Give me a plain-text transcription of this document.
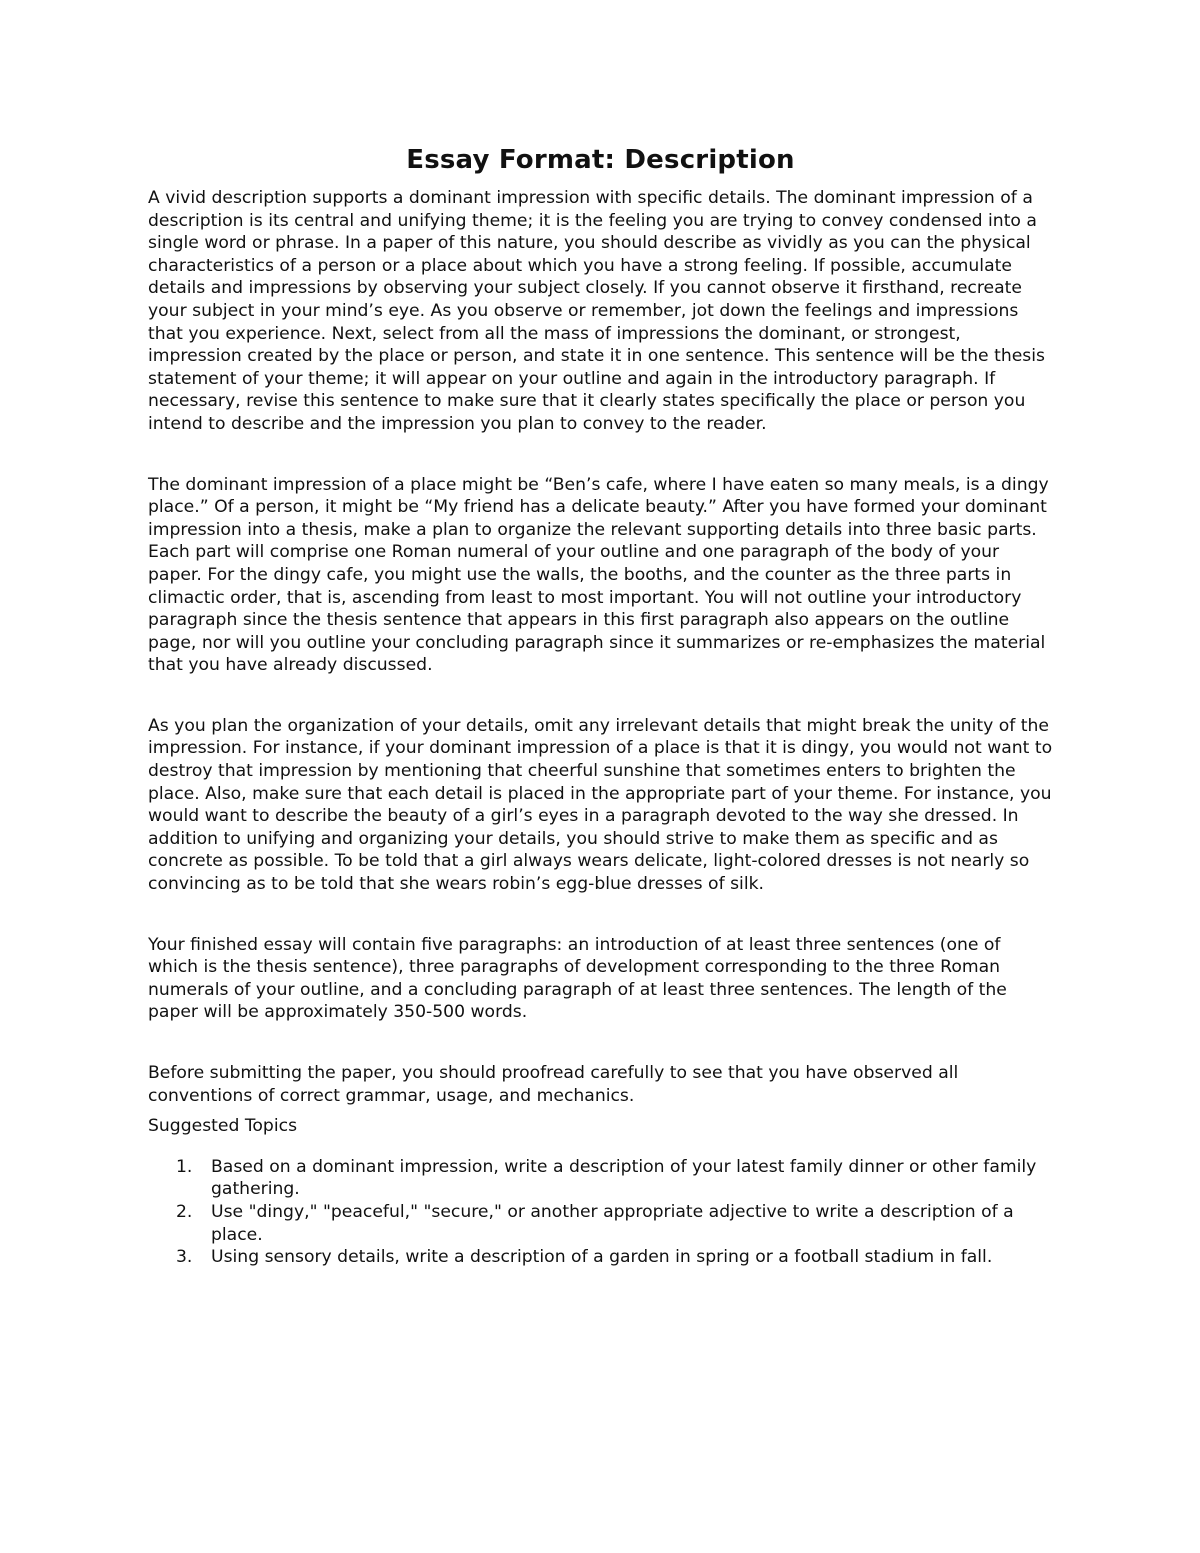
Essay Format: Description

A vivid description supports a dominant impression with specific details. The dominant impression of a description is its central and unifying theme; it is the feeling you are trying to convey condensed into a single word or phrase. In a paper of this nature, you should describe as vividly as you can the physical characteristics of a person or a place about which you have a strong feeling. If possible, accumulate details and impressions by observing your subject closely. If you cannot observe it firsthand, recreate your subject in your mind’s eye. As you observe or remember, jot down the feelings and impressions that you experience. Next, select from all the mass of impressions the dominant, or strongest, impression created by the place or person, and state it in one sentence. This sentence will be the thesis statement of your theme; it will appear on your outline and again in the introductory paragraph. If necessary, revise this sentence to make sure that it clearly states specifically the place or person you intend to describe and the impression you plan to convey to the reader.

The dominant impression of a place might be “Ben’s cafe, where I have eaten so many meals, is a dingy place.” Of a person, it might be “My friend has a delicate beauty.” After you have formed your dominant impression into a thesis, make a plan to organize the relevant supporting details into three basic parts. Each part will comprise one Roman numeral of your outline and one paragraph of the body of your paper. For the dingy cafe, you might use the walls, the booths, and the counter as the three parts in climactic order, that is, ascending from least to most important. You will not outline your introductory paragraph since the thesis sentence that appears in this first paragraph also appears on the outline page, nor will you outline your concluding paragraph since it summarizes or re-emphasizes the material that you have already discussed.

As you plan the organization of your details, omit any irrelevant details that might break the unity of the impression. For instance, if your dominant impression of a place is that it is dingy, you would not want to destroy that impression by mentioning that cheerful sunshine that sometimes enters to brighten the place. Also, make sure that each detail is placed in the appropriate part of your theme. For instance, you would want to describe the beauty of a girl’s eyes in a paragraph devoted to the way she dressed. In addition to unifying and organizing your details, you should strive to make them as specific and as concrete as possible. To be told that a girl always wears delicate, light-colored dresses is not nearly so convincing as to be told that she wears robin’s egg-blue dresses of silk.

Your finished essay will contain five paragraphs: an introduction of at least three sentences (one of which is the thesis sentence), three paragraphs of development corresponding to the three Roman numerals of your outline, and a concluding paragraph of at least three sentences. The length of the paper will be approximately 350-500 words.

Before submitting the paper, you should proofread carefully to see that you have observed all conventions of correct grammar, usage, and mechanics.

Suggested Topics

1.	Based on a dominant impression, write a description of your latest family dinner or other family gathering.
2.	Use "dingy," "peaceful," "secure," or another appropriate adjective to write a description of a place.
3.	Using sensory details, write a description of a garden in spring or a football stadium in fall.
